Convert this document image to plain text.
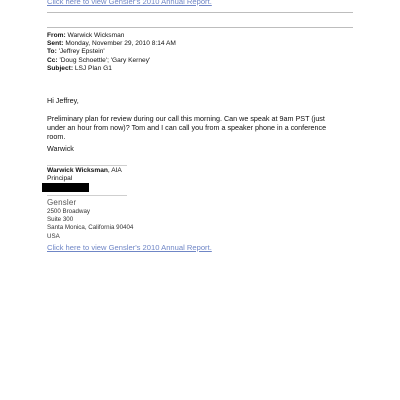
Click here to view Gensler's 2010 Annual Report.
From: Warwick Wicksman
Sent: Monday, November 29, 2010 8:14 AM
To: 'Jeffrey Epstein'
Cc: 'Doug Schoettle'; 'Gary Kerney'
Subject: LSJ Plan G1
Hi Jeffrey,
Preliminary plan for review during our call this morning. Can we speak at 9am PST (just
under an hour from now)? Tom and I can call you from a speaker phone in a conference
room.
Warwick
Warwick Wicksman, AIA
Principal
Gensler
2500 Broadway
Suite 300
Santa Monica, California 90404
USA
Click here to view Gensler's 2010 Annual Report.
